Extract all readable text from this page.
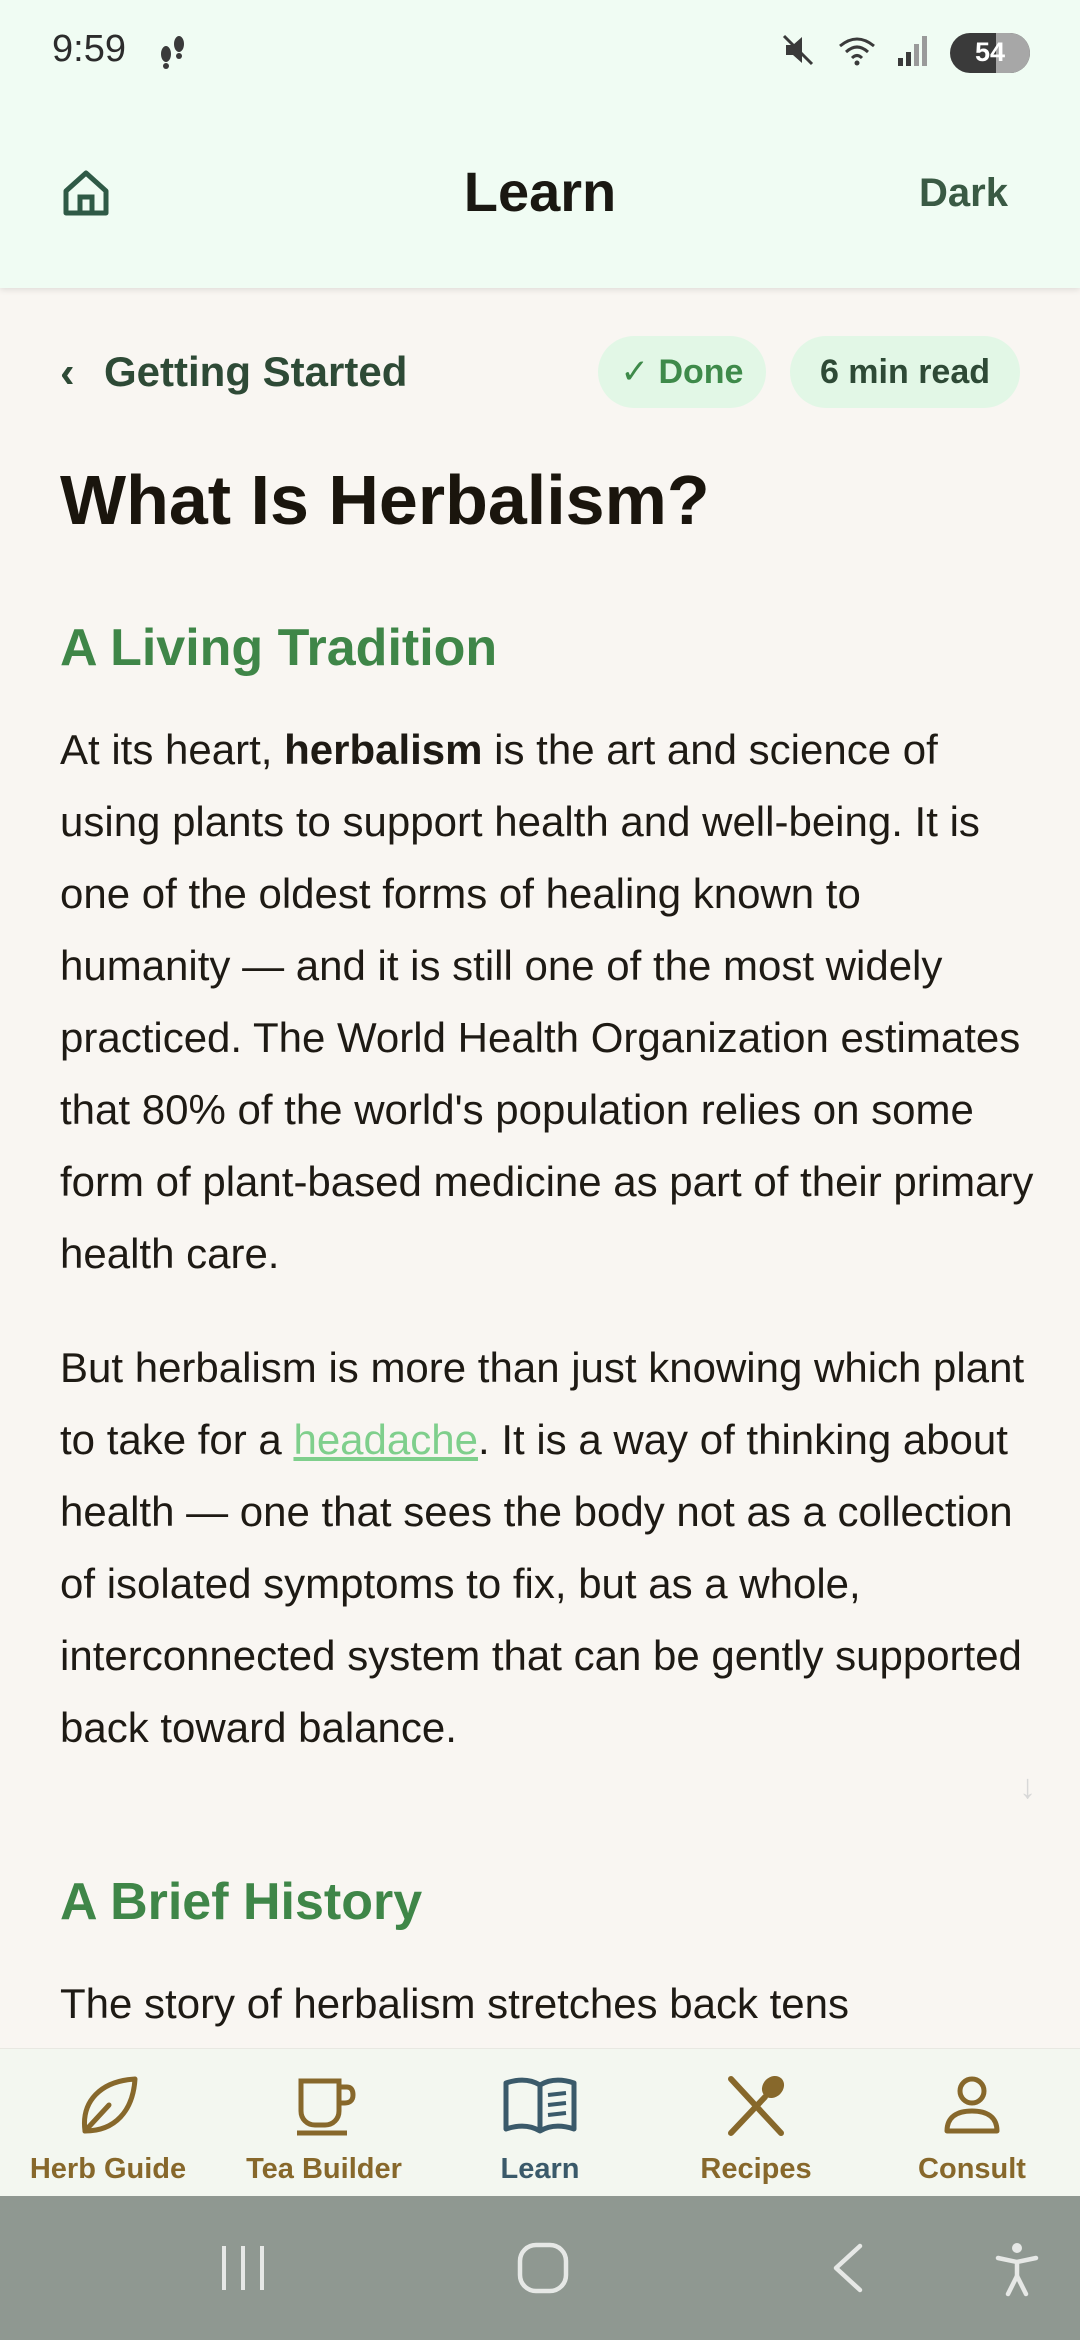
9:59	54
Learn	Dark
‹ Getting Started	✓ Done	6 min read
What Is Herbalism?
A Living Tradition
At its heart, herbalism is the art and science of using plants to support health and well-being. It is one of the oldest forms of healing known to humanity — and it is still one of the most widely practiced. The World Health Organization estimates that 80% of the world's population relies on some form of plant-based medicine as part of their primary health care.
But herbalism is more than just knowing which plant to take for a headache. It is a way of thinking about health — one that sees the body not as a collection of isolated symptoms to fix, but as a whole, interconnected system that can be gently supported back toward balance.
↓
A Brief History
The story of herbalism stretches back tens
Herb Guide	Tea Builder	Learn	Recipes	Consult
